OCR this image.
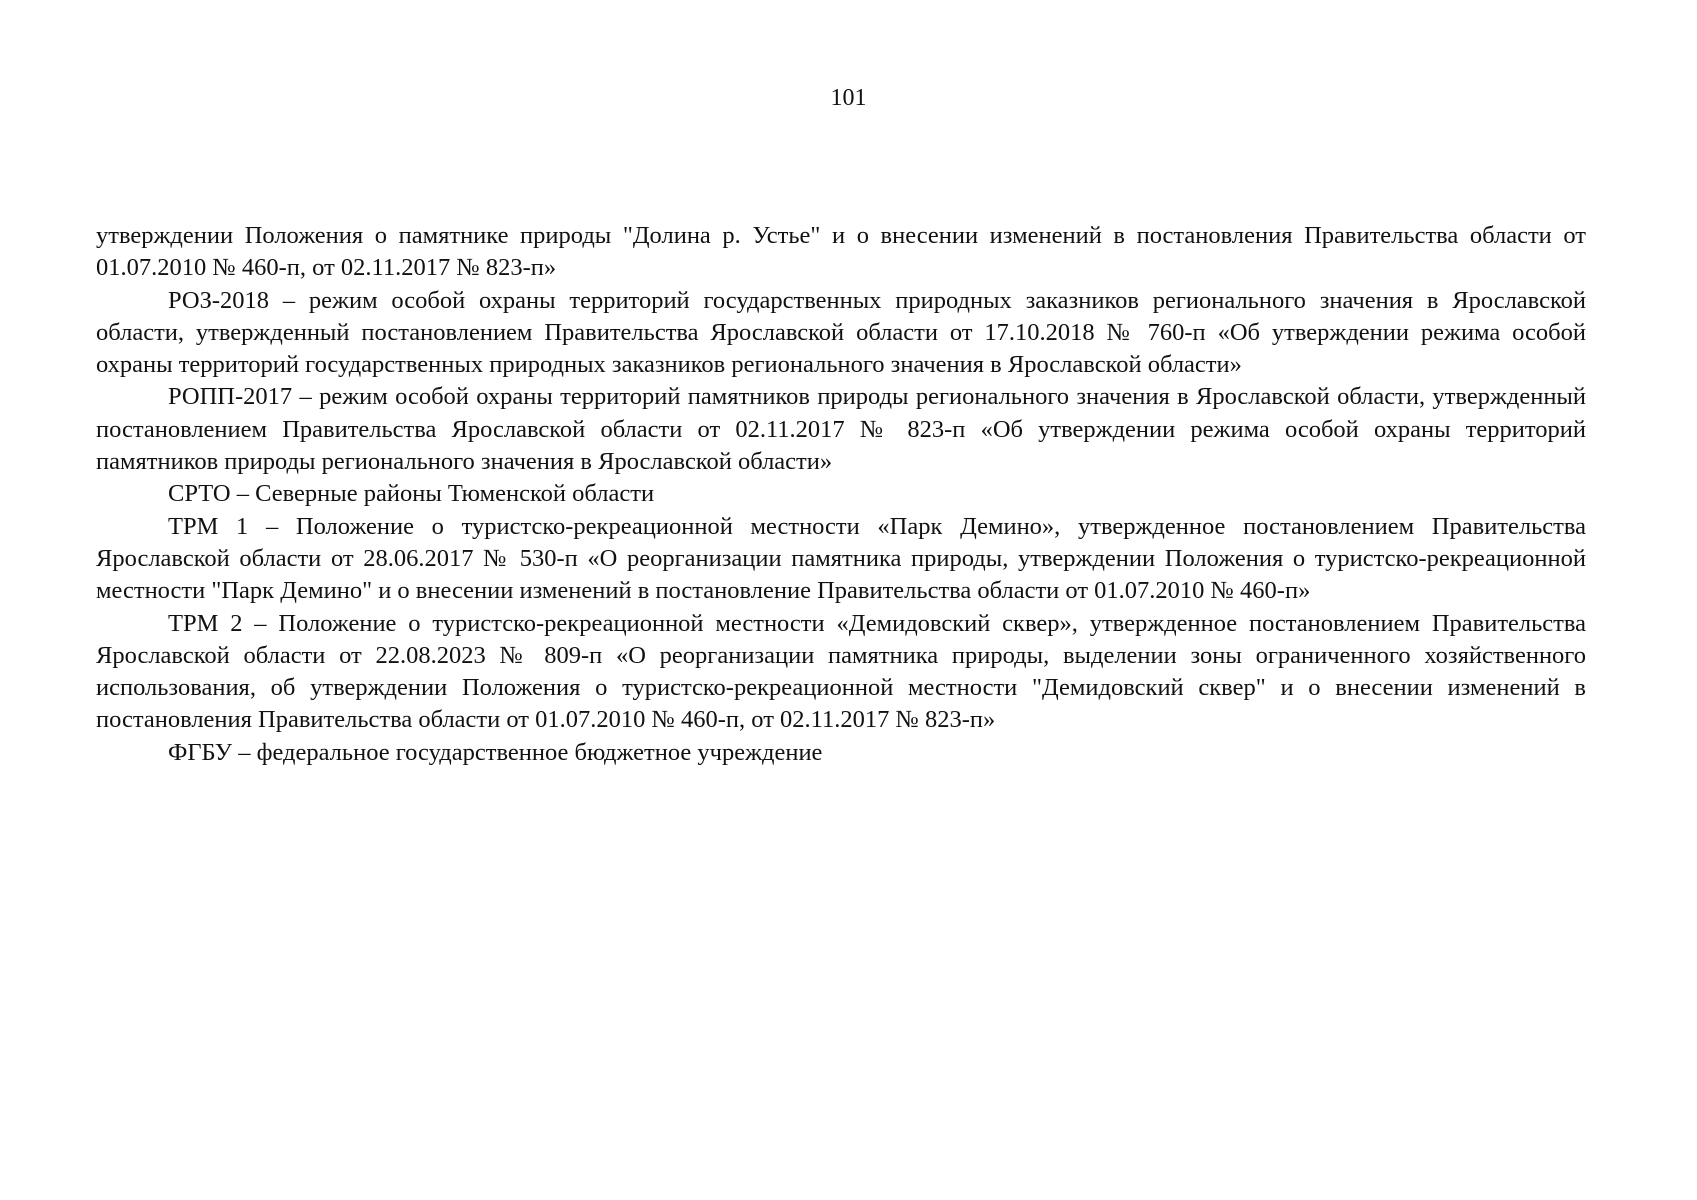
101

утверждении Положения о памятнике природы "Долина р. Устье" и о внесении изменений в постановления Правительства области от 01.07.2010 № 460-п, от 02.11.2017 № 823-п»

РОЗ-2018 – режим особой охраны территорий государственных природных заказников регионального значения в Ярославской области, утвержденный постановлением Правительства Ярославской области от 17.10.2018 № 760-п «Об утверждении режима особой охраны территорий государственных природных заказников регионального значения в Ярославской области»

РОПП-2017 – режим особой охраны территорий памятников природы регионального значения в Ярославской области, утвержденный постановлением Правительства Ярославской области от 02.11.2017 № 823-п «Об утверждении режима особой охраны территорий памятников природы регионального значения в Ярославской области»

СРТО – Северные районы Тюменской области

ТРМ 1 – Положение о туристско-рекреационной местности «Парк Демино», утвержденное постановлением Правительства Ярославской области от 28.06.2017 № 530-п «О реорганизации памятника природы, утверждении Положения о туристско-рекреационной местности "Парк Демино" и о внесении изменений в постановление Правительства области от 01.07.2010 № 460-п»

ТРМ 2 – Положение о туристско-рекреационной местности «Демидовский сквер», утвержденное постановлением Правительства Ярославской области от 22.08.2023 № 809-п «О реорганизации памятника природы, выделении зоны ограниченного хозяйственного использования, об утверждении Положения о туристско-рекреационной местности "Демидовский сквер" и о внесении изменений в постановления Правительства области от 01.07.2010 № 460-п, от 02.11.2017 № 823-п»

ФГБУ – федеральное государственное бюджетное учреждение
